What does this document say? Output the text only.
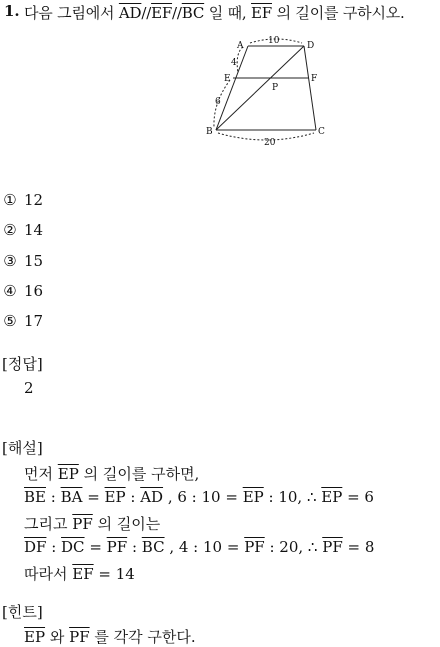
1. 다음 그림에서 $\overline{AD}//\overline{EF}//\overline{BC}$ 일 때, $\overline{EF}$ 의 길이를 구하시오.
A	D
E	F
P
B	C
10
4
6
20
① 12
② 14
③ 15
④ 16
⑤ 17
[정답]
2
[해설]
먼저 $\overline{EP}$ 의 길이를 구하면,
$\overline{BE}$ : $\overline{BA} = \overline{EP}$ : $\overline{AD}$ , 6 : $10 = \overline{EP}$ : 10, ∴ $\overline{EP} = 6$
그리고 $\overline{PF}$ 의 길이는
$\overline{DF}$ : $\overline{DC} = \overline{PF}$ : $\overline{BC}$ , 4 : $10 = \overline{PF}$ : 20, ∴ $\overline{PF} = 8$
따라서 $\overline{EF} = 14$
[힌트]
$\overline{EP}$ 와 $\overline{PF}$ 를 각각 구한다.
